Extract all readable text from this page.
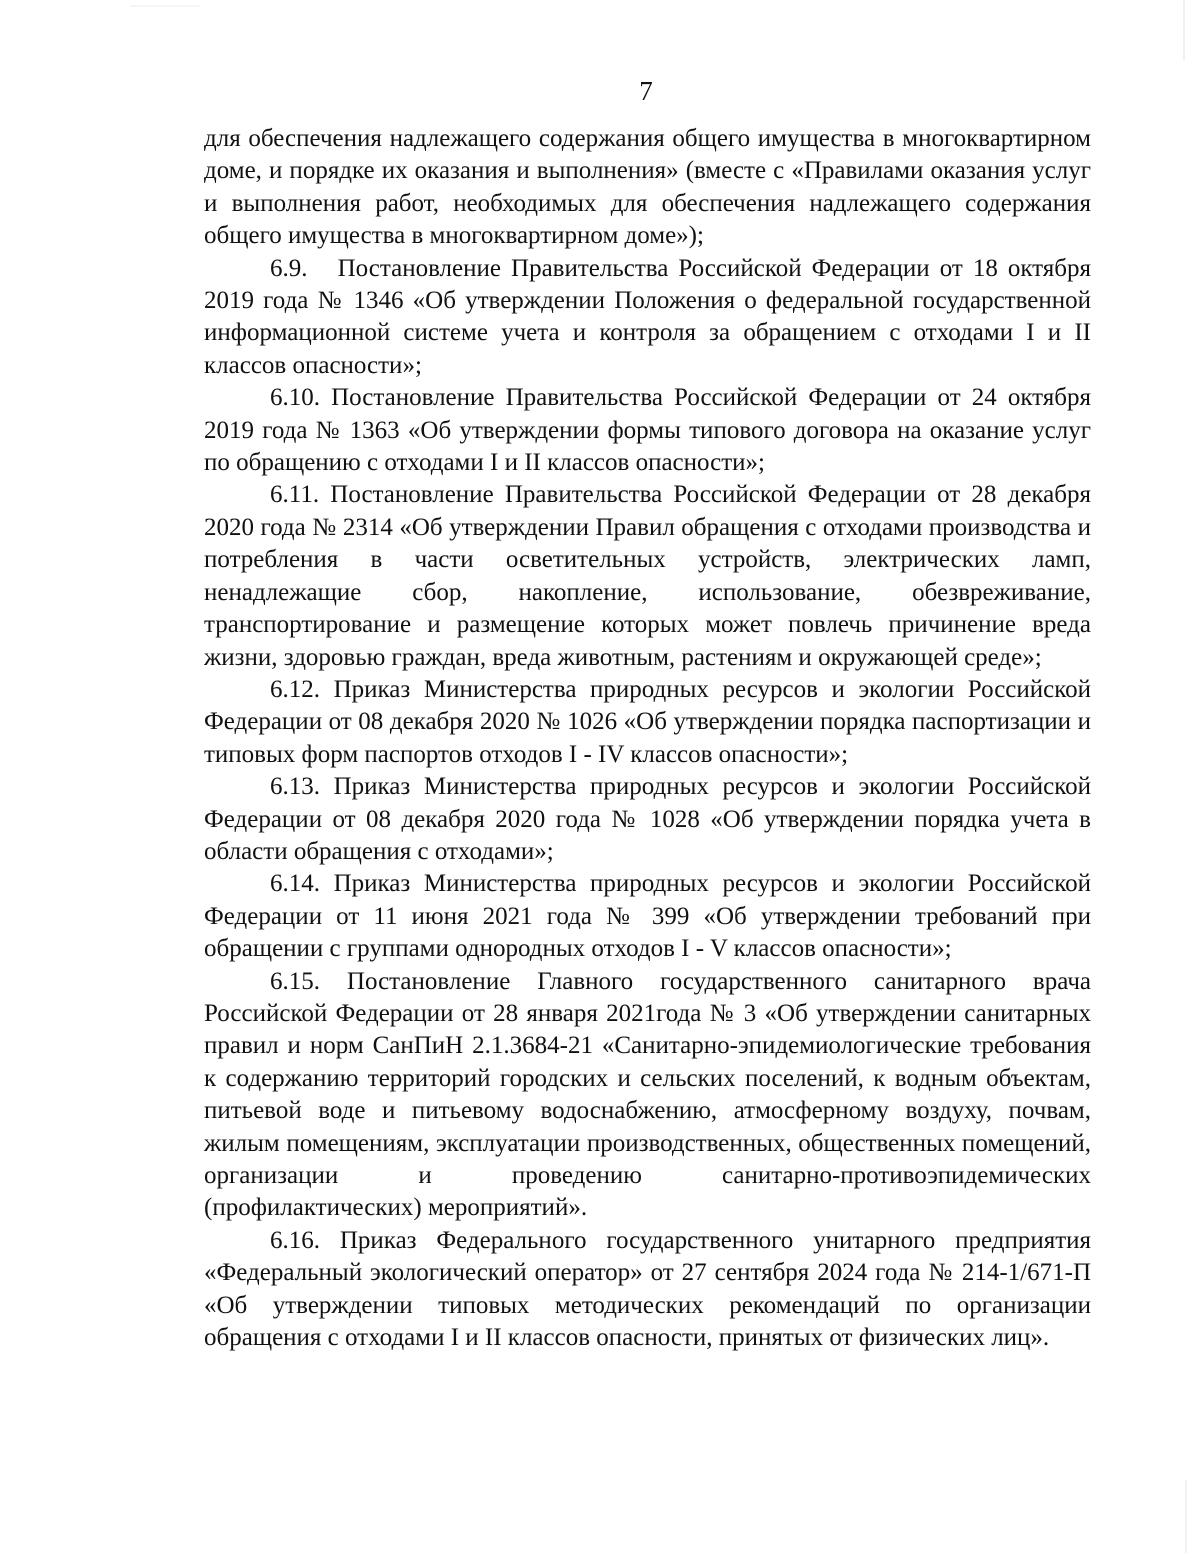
7

для обеспечения надлежащего содержания общего имущества в многоквартирном доме, и порядке их оказания и выполнения» (вместе с «Правилами оказания услуг и выполнения работ, необходимых для обеспечения надлежащего содержания общего имущества в многоквартирном доме»);

6.9.   Постановление Правительства Российской Федерации от 18 октября 2019 года № 1346 «Об утверждении Положения о федеральной государственной информационной системе учета и контроля за обращением с отходами I и II классов опасности»;

6.10. Постановление Правительства Российской Федерации от 24 октября 2019 года № 1363 «Об утверждении формы типового договора на оказание услуг по обращению с отходами I и II классов опасности»;

6.11. Постановление Правительства Российской Федерации от 28 декабря 2020 года № 2314 «Об утверждении Правил обращения с отходами производства и потребления в части осветительных устройств, электрических ламп, ненадлежащие сбор, накопление, использование, обезвреживание, транспортирование и размещение которых может повлечь причинение вреда жизни, здоровью граждан, вреда животным, растениям и окружающей среде»;

6.12. Приказ Министерства природных ресурсов и экологии Российской Федерации от 08 декабря 2020 № 1026 «Об утверждении порядка паспортизации и типовых форм паспортов отходов I - IV классов опасности»;

6.13. Приказ Министерства природных ресурсов и экологии Российской Федерации от 08 декабря 2020 года № 1028 «Об утверждении порядка учета в области обращения с отходами»;

6.14. Приказ Министерства природных ресурсов и экологии Российской Федерации от 11 июня 2021 года № 399 «Об утверждении требований при обращении с группами однородных отходов I - V классов опасности»;

6.15. Постановление Главного государственного санитарного врача Российской Федерации от 28 января 2021года № 3 «Об утверждении санитарных правил и норм СанПиН 2.1.3684-21 «Санитарно-эпидемиологические требования к содержанию территорий городских и сельских поселений, к водным объектам, питьевой воде и питьевому водоснабжению, атмосферному воздуху, почвам, жилым помещениям, эксплуатации производственных, общественных помещений, организации и проведению санитарно-противоэпидемических (профилактических) мероприятий».

6.16. Приказ Федерального государственного унитарного предприятия «Федеральный экологический оператор» от 27 сентября 2024 года № 214-1/671-П «Об утверждении типовых методических рекомендаций по организации обращения с отходами I и II классов опасности, принятых от физических лиц».
